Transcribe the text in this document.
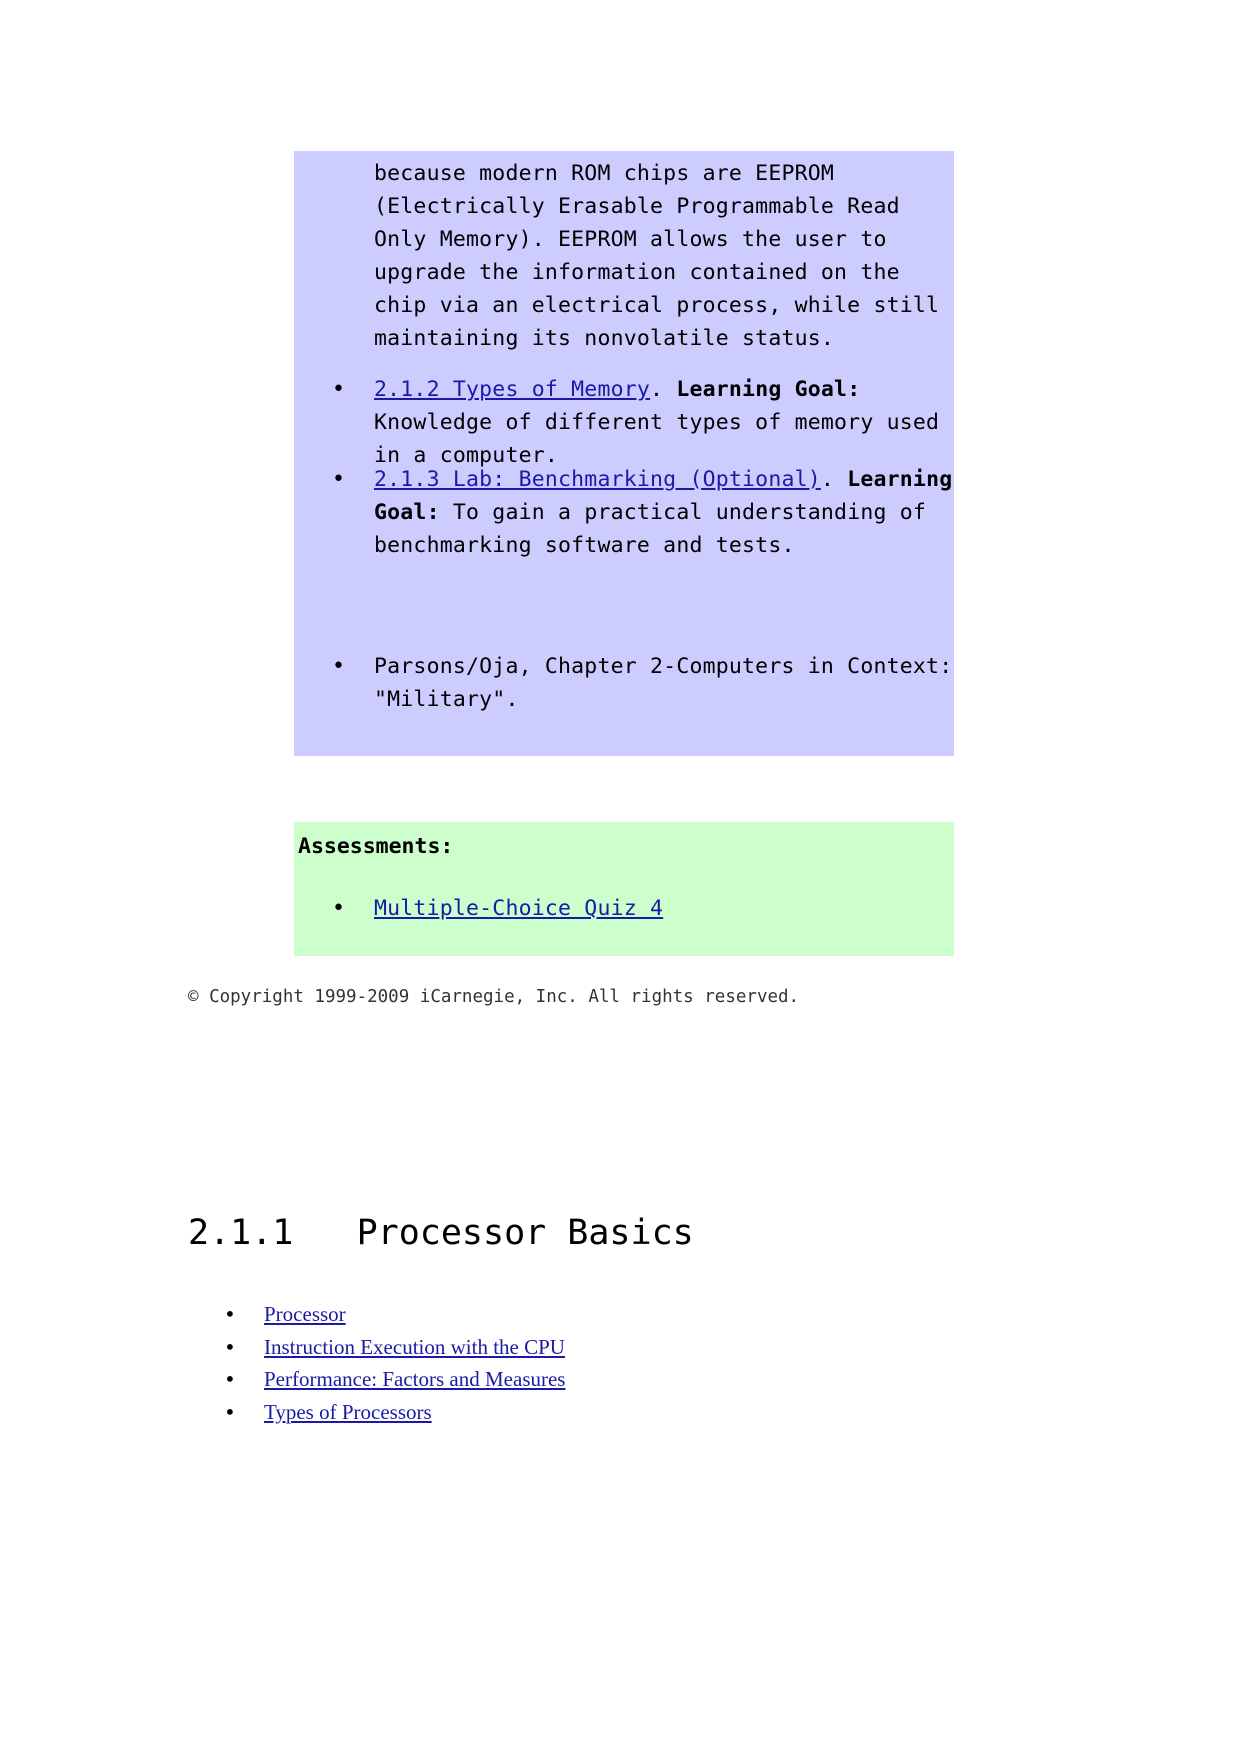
because modern ROM chips are EEPROM (Electrically Erasable Programmable Read Only Memory). EEPROM allows the user to upgrade the information contained on the chip via an electrical process, while still maintaining its nonvolatile status.
• 2.1.2 Types of Memory. Learning Goal: Knowledge of different types of memory used in a computer.
• 2.1.3 Lab: Benchmarking (Optional). Learning Goal: To gain a practical understanding of benchmarking software and tests.
• Parsons/Oja, Chapter 2-Computers in Context: "Military".
Assessments:
• Multiple-Choice Quiz 4
© Copyright 1999-2009 iCarnegie, Inc. All rights reserved.
2.1.1   Processor Basics
• Processor
• Instruction Execution with the CPU
• Performance: Factors and Measures
• Types of Processors
